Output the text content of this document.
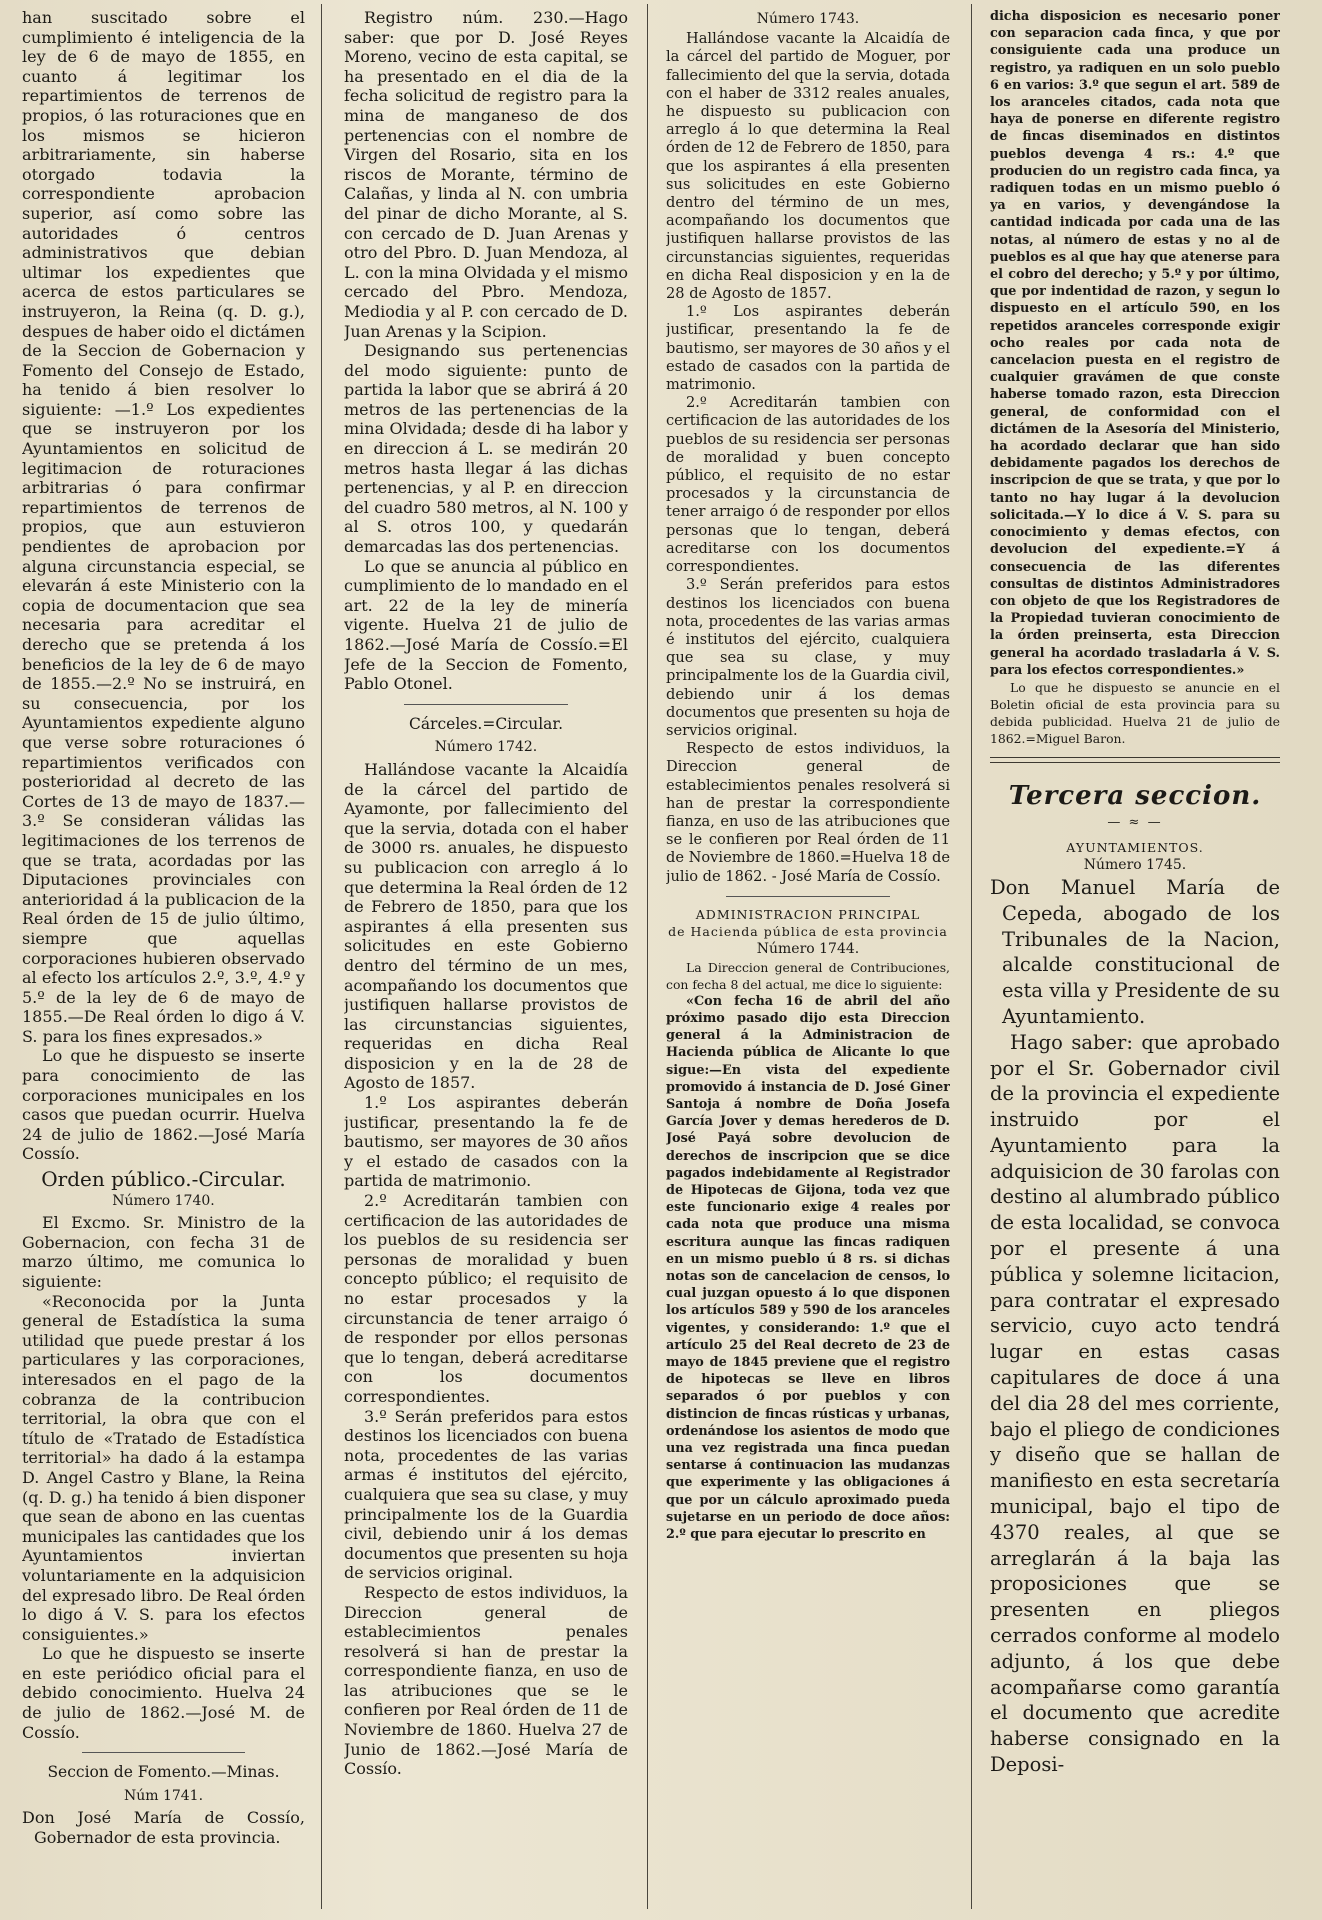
han suscitado sobre el cumplimiento é inteligencia de la ley de 6 de mayo de 1855, en cuanto á legitimar los repartimientos de terrenos de propios, ó las roturaciones que en los mismos se hicieron arbitrariamente, sin haberse otorgado todavia la correspondiente aprobacion superior, así como sobre las autoridades ó centros administrativos que debian ultimar los expedientes que acerca de estos particulares se instruyeron, la Reina (q. D. g.), despues de haber oido el dictámen de la Seccion de Gobernacion y Fomento del Consejo de Estado, ha tenido á bien resolver lo siguiente: —1.º Los expedientes que se instruyeron por los Ayuntamientos en solicitud de legitimacion de roturaciones arbitrarias ó para confirmar repartimientos de terrenos de propios, que aun estuvieron pendientes de aprobacion por alguna circunstancia especial, se elevarán á este Ministerio con la copia de documentacion que sea necesaria para acreditar el derecho que se pretenda á los beneficios de la ley de 6 de mayo de 1855.—2.º No se instruirá, en su consecuencia, por los Ayuntamientos expediente alguno que verse sobre roturaciones ó repartimientos verificados con posterioridad al decreto de las Cortes de 13 de mayo de 1837.—3.º Se consideran válidas las legitimaciones de los terrenos de que se trata, acordadas por las Diputaciones provinciales con anterioridad á la publicacion de la Real órden de 15 de julio último, siempre que aquellas corporaciones hubieren observado al efecto los artículos 2.º, 3.º, 4.º y 5.º de la ley de 6 de mayo de 1855.—De Real órden lo digo á V. S. para los fines expresados.»

Lo que he dispuesto se inserte para conocimiento de las corporaciones municipales en los casos que puedan ocurrir. Huelva 24 de julio de 1862.—José María Cossío.

Orden público.-Circular.
Número 1740.

El Excmo. Sr. Ministro de la Gobernacion, con fecha 31 de marzo último, me comunica lo siguiente:

«Reconocida por la Junta general de Estadística la suma utilidad que puede prestar á los particulares y las corporaciones, interesados en el pago de la cobranza de la contribucion territorial, la obra que con el título de «Tratado de Estadística territorial» ha dado á la estampa D. Angel Castro y Blane, la Reina (q. D. g.) ha tenido á bien disponer que sean de abono en las cuentas municipales las cantidades que los Ayuntamientos inviertan voluntariamente en la adquisicion del expresado libro. De Real órden lo digo á V. S. para los efectos consiguientes.»

Lo que he dispuesto se inserte en este periódico oficial para el debido conocimiento. Huelva 24 de julio de 1862.—José M. de Cossío.

Seccion de Fomento.—Minas.
Núm 1741.

Don José María de Cossío, Gobernador de esta provincia.

Registro núm. 230.—Hago saber: que por D. José Reyes Moreno, vecino de esta capital, se ha presentado en el dia de la fecha solicitud de registro para la mina de manganeso de dos pertenencias con el nombre de Virgen del Rosario, sita en los riscos de Morante, término de Calañas, y linda al N. con umbria del pinar de dicho Morante, al S. con cercado de D. Juan Arenas y otro del Pbro. D. Juan Mendoza, al L. con la mina Olvidada y el mismo cercado del Pbro. Mendoza, Mediodia y al P. con cercado de D. Juan Arenas y la Scipion.

Designando sus pertenencias del modo siguiente: punto de partida la labor que se abrirá á 20 metros de las pertenencias de la mina Olvidada; desde di ha labor y en direccion á L. se medirán 20 metros hasta llegar á las dichas pertenencias, y al P. en direccion del cuadro 580 metros, al N. 100 y al S. otros 100, y quedarán demarcadas las dos pertenencias.

Lo que se anuncia al público en cumplimiento de lo mandado en el art. 22 de la ley de minería vigente. Huelva 21 de julio de 1862.—José María de Cossío.=El Jefe de la Seccion de Fomento, Pablo Otonel.

Cárceles.=Circular.
Número 1742.

Hallándose vacante la Alcaidía de la cárcel del partido de Ayamonte, por fallecimiento del que la servia, dotada con el haber de 3000 rs. anuales, he dispuesto su publicacion con arreglo á lo que determina la Real órden de 12 de Febrero de 1850, para que los aspirantes á ella presenten sus solicitudes en este Gobierno dentro del término de un mes, acompañando los documentos que justifiquen hallarse provistos de las circunstancias siguientes, requeridas en dicha Real disposicion y en la de 28 de Agosto de 1857.

1.º Los aspirantes deberán justificar, presentando la fe de bautismo, ser mayores de 30 años y el estado de casados con la partida de matrimonio.

2.º Acreditarán tambien con certificacion de las autoridades de los pueblos de su residencia ser personas de moralidad y buen concepto público; el requisito de no estar procesados y la circunstancia de tener arraigo ó de responder por ellos personas que lo tengan, deberá acreditarse con los documentos correspondientes.

3.º Serán preferidos para estos destinos los licenciados con buena nota, procedentes de las varias armas é institutos del ejército, cualquiera que sea su clase, y muy principalmente los de la Guardia civil, debiendo unir á los demas documentos que presenten su hoja de servicios original.

Respecto de estos individuos, la Direccion general de establecimientos penales resolverá si han de prestar la correspondiente fianza, en uso de las atribuciones que se le confieren por Real órden de 11 de Noviembre de 1860. Huelva 27 de Junio de 1862.—José María de Cossío.

Número 1743.

Hallándose vacante la Alcaidía de la cárcel del partido de Moguer, por fallecimiento del que la servia, dotada con el haber de 3312 reales anuales, he dispuesto su publicacion con arreglo á lo que determina la Real órden de 12 de Febrero de 1850, para que los aspirantes á ella presenten sus solicitudes en este Gobierno dentro del término de un mes, acompañando los documentos que justifiquen hallarse provistos de las circunstancias siguientes, requeridas en dicha Real disposicion y en la de 28 de Agosto de 1857.

1.º Los aspirantes deberán justificar, presentando la fe de bautismo, ser mayores de 30 años y el estado de casados con la partida de matrimonio.

2.º Acreditarán tambien con certificacion de las autoridades de los pueblos de su residencia ser personas de moralidad y buen concepto público, el requisito de no estar procesados y la circunstancia de tener arraigo ó de responder por ellos personas que lo tengan, deberá acreditarse con los documentos correspondientes.

3.º Serán preferidos para estos destinos los licenciados con buena nota, procedentes de las varias armas é institutos del ejército, cualquiera que sea su clase, y muy principalmente los de la Guardia civil, debiendo unir á los demas documentos que presenten su hoja de servicios original.

Respecto de estos individuos, la Direccion general de establecimientos penales resolverá si han de prestar la correspondiente fianza, en uso de las atribuciones que se le confieren por Real órden de 11 de Noviembre de 1860.=Huelva 18 de julio de 1862. - José María de Cossío.

ADMINISTRACION PRINCIPAL
de Hacienda pública de esta provincia
Número 1744.

La Direccion general de Contribuciones, con fecha 8 del actual, me dice lo siguiente:

«Con fecha 16 de abril del año próximo pasado dijo esta Direccion general á la Administracion de Hacienda pública de Alicante lo que sigue:—En vista del expediente promovido á instancia de D. José Giner Santoja á nombre de Doña Josefa García Jover y demas herederos de D. José Payá sobre devolucion de derechos de inscripcion que se dice pagados indebidamente al Registrador de Hipotecas de Gijona, toda vez que este funcionario exige 4 reales por cada nota que produce una misma escritura aunque las fincas radiquen en un mismo pueblo ú 8 rs. si dichas notas son de cancelacion de censos, lo cual juzgan opuesto á lo que disponen los artículos 589 y 590 de los aranceles vigentes, y considerando: 1.º que el artículo 25 del Real decreto de 23 de mayo de 1845 previene que el registro de hipotecas se lleve en libros separados ó por pueblos y con distincion de fincas rústicas y urbanas, ordenándose los asientos de modo que una vez registrada una finca puedan sentarse á continuacion las mudanzas que experimente y las obligaciones á que por un cálculo aproximado pueda sujetarse en un periodo de doce años: 2.º que para ejecutar lo prescrito en

dicha disposicion es necesario poner con separacion cada finca, y que por consiguiente cada una produce un registro, ya radiquen en un solo pueblo 6 en varios: 3.º que segun el art. 589 de los aranceles citados, cada nota que haya de ponerse en diferente registro de fincas diseminados en distintos pueblos devenga 4 rs.: 4.º que producien do un registro cada finca, ya radiquen todas en un mismo pueblo ó ya en varios, y devengándose la cantidad indicada por cada una de las notas, al número de estas y no al de pueblos es al que hay que atenerse para el cobro del derecho; y 5.º y por último, que por indentidad de razon, y segun lo dispuesto en el artículo 590, en los repetidos aranceles corresponde exigir ocho reales por cada nota de cancelacion puesta en el registro de cualquier gravámen de que conste haberse tomado razon, esta Direccion general, de conformidad con el dictámen de la Asesoría del Ministerio, ha acordado declarar que han sido debidamente pagados los derechos de inscripcion de que se trata, y que por lo tanto no hay lugar á la devolucion solicitada.—Y lo dice á V. S. para su conocimiento y demas efectos, con devolucion del expediente.=Y á consecuencia de las diferentes consultas de distintos Administradores con objeto de que los Registradores de la Propiedad tuvieran conocimiento de la órden preinserta, esta Direccion general ha acordado trasladarla á V. S. para los efectos correspondientes.»

Lo que he dispuesto se anuncie en el Boletin oficial de esta provincia para su debida publicidad. Huelva 21 de julio de 1862.=Miguel Baron.

Tercera seccion.
— ≈ —
AYUNTAMIENTOS.
Número 1745.

Don Manuel María de Cepeda, abogado de los Tribunales de la Nacion, alcalde constitucional de esta villa y Presidente de su Ayuntamiento.

Hago saber: que aprobado por el Sr. Gobernador civil de la provincia el expediente instruido por el Ayuntamiento para la adquisicion de 30 farolas con destino al alumbrado público de esta localidad, se convoca por el presente á una pública y solemne licitacion, para contratar el expresado servicio, cuyo acto tendrá lugar en estas casas capitulares de doce á una del dia 28 del mes corriente, bajo el pliego de condiciones y diseño que se hallan de manifiesto en esta secretaría municipal, bajo el tipo de 4370 reales, al que se arreglarán á la baja las proposiciones que se presenten en pliegos cerrados conforme al modelo adjunto, á los que debe acompañarse como garantía el documento que acredite haberse consignado en la Deposi-
